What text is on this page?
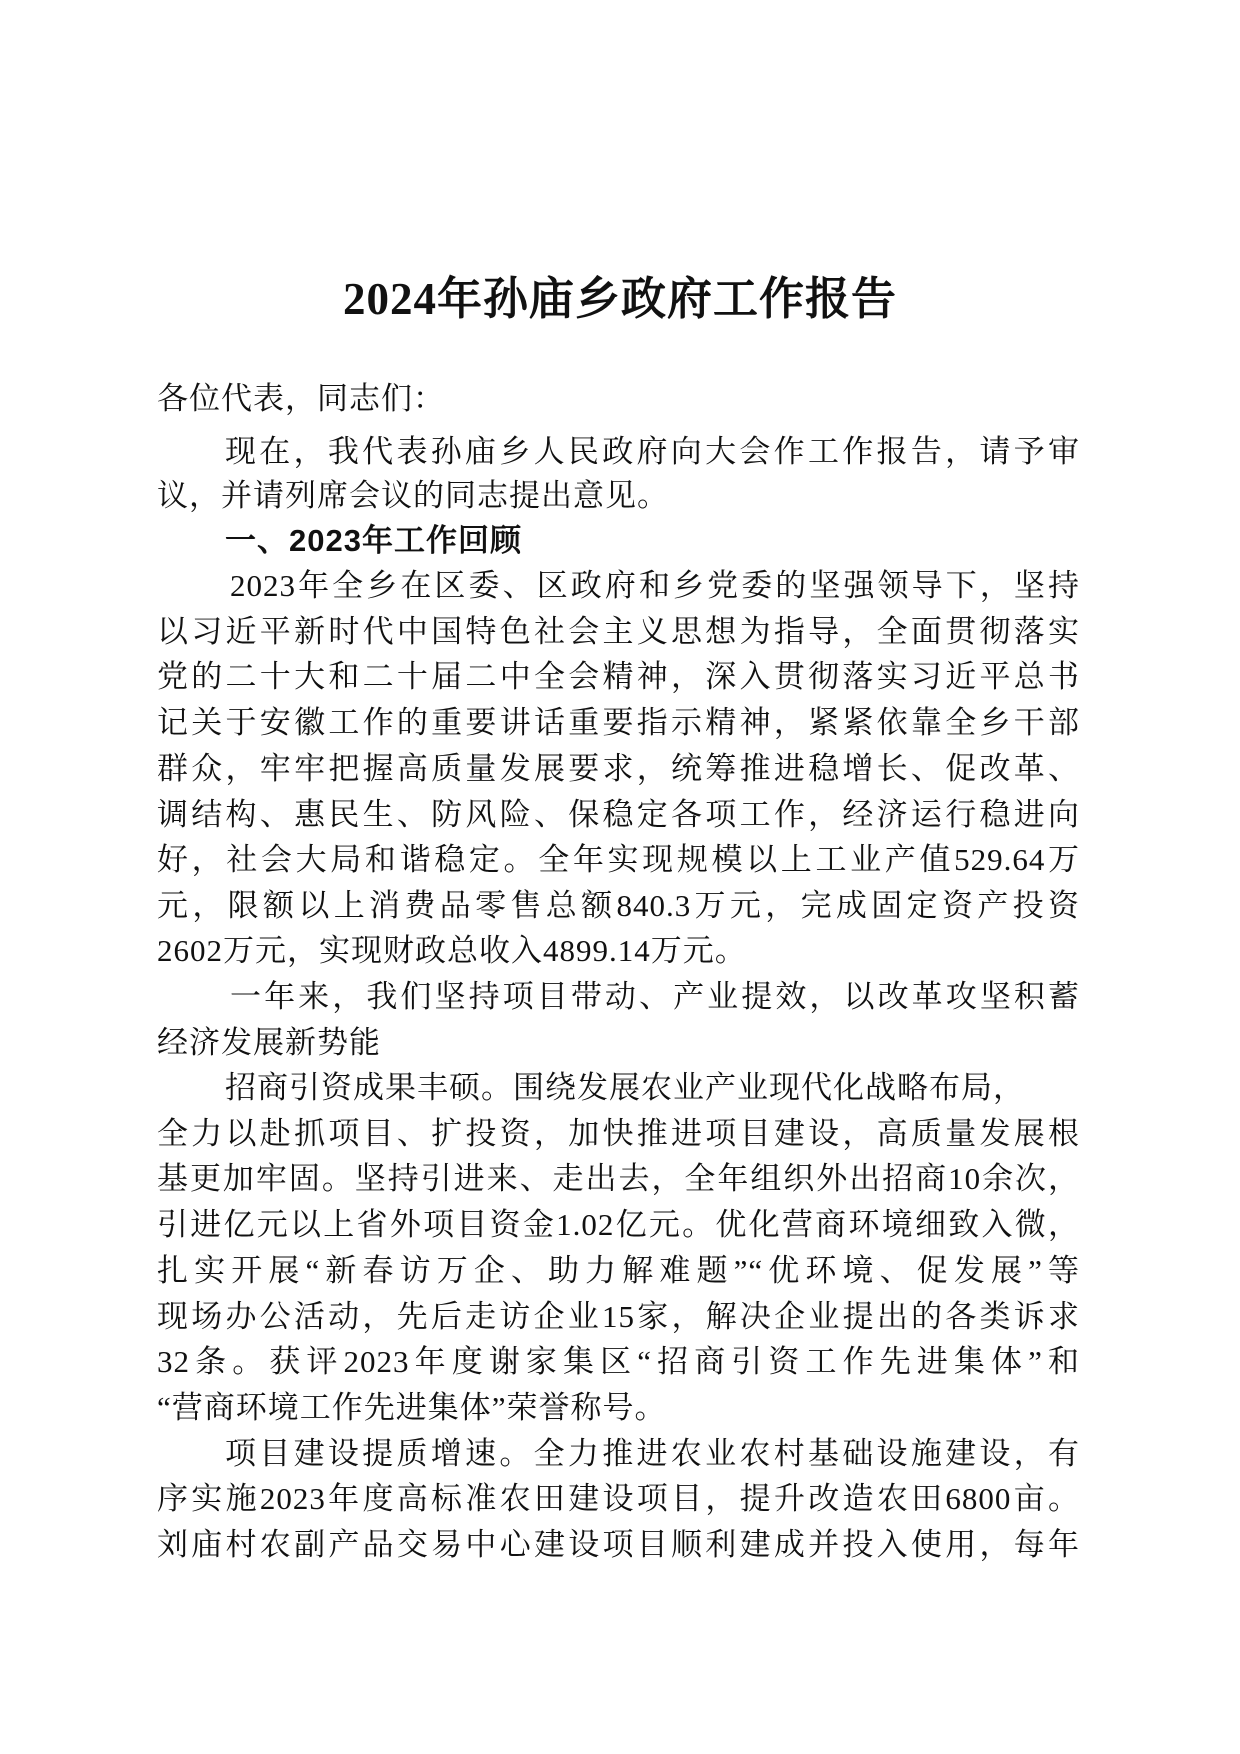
2024年孙庙乡政府工作报告
各位代表，同志们：
现在，我代表孙庙乡人民政府向大会作工作报告，请予审
议，并请列席会议的同志提出意见。
一、2023年工作回顾
2023年全乡在区委、区政府和乡党委的坚强领导下，坚持
以习近平新时代中国特色社会主义思想为指导，全面贯彻落实
党的二十大和二十届二中全会精神，深入贯彻落实习近平总书
记关于安徽工作的重要讲话重要指示精神，紧紧依靠全乡干部
群众，牢牢把握高质量发展要求，统筹推进稳增长、促改革、
调结构、惠民生、防风险、保稳定各项工作，经济运行稳进向
好，社会大局和谐稳定。全年实现规模以上工业产值529.64万
元，限额以上消费品零售总额840.3万元，完成固定资产投资
2602万元，实现财政总收入4899.14万元。
一年来，我们坚持项目带动、产业提效，以改革攻坚积蓄
经济发展新势能
招商引资成果丰硕。围绕发展农业产业现代化战略布局，
全力以赴抓项目、扩投资，加快推进项目建设，高质量发展根
基更加牢固。坚持引进来、走出去，全年组织外出招商10余次，
引进亿元以上省外项目资金1.02亿元。优化营商环境细致入微，
扎实开展“新春访万企、助力解难题”“优环境、促发展”等
现场办公活动，先后走访企业15家，解决企业提出的各类诉求
32条。获评2023年度谢家集区“招商引资工作先进集体”和
“营商环境工作先进集体”荣誉称号。
项目建设提质增速。全力推进农业农村基础设施建设，有
序实施2023年度高标准农田建设项目，提升改造农田6800亩。
刘庙村农副产品交易中心建设项目顺利建成并投入使用，每年
